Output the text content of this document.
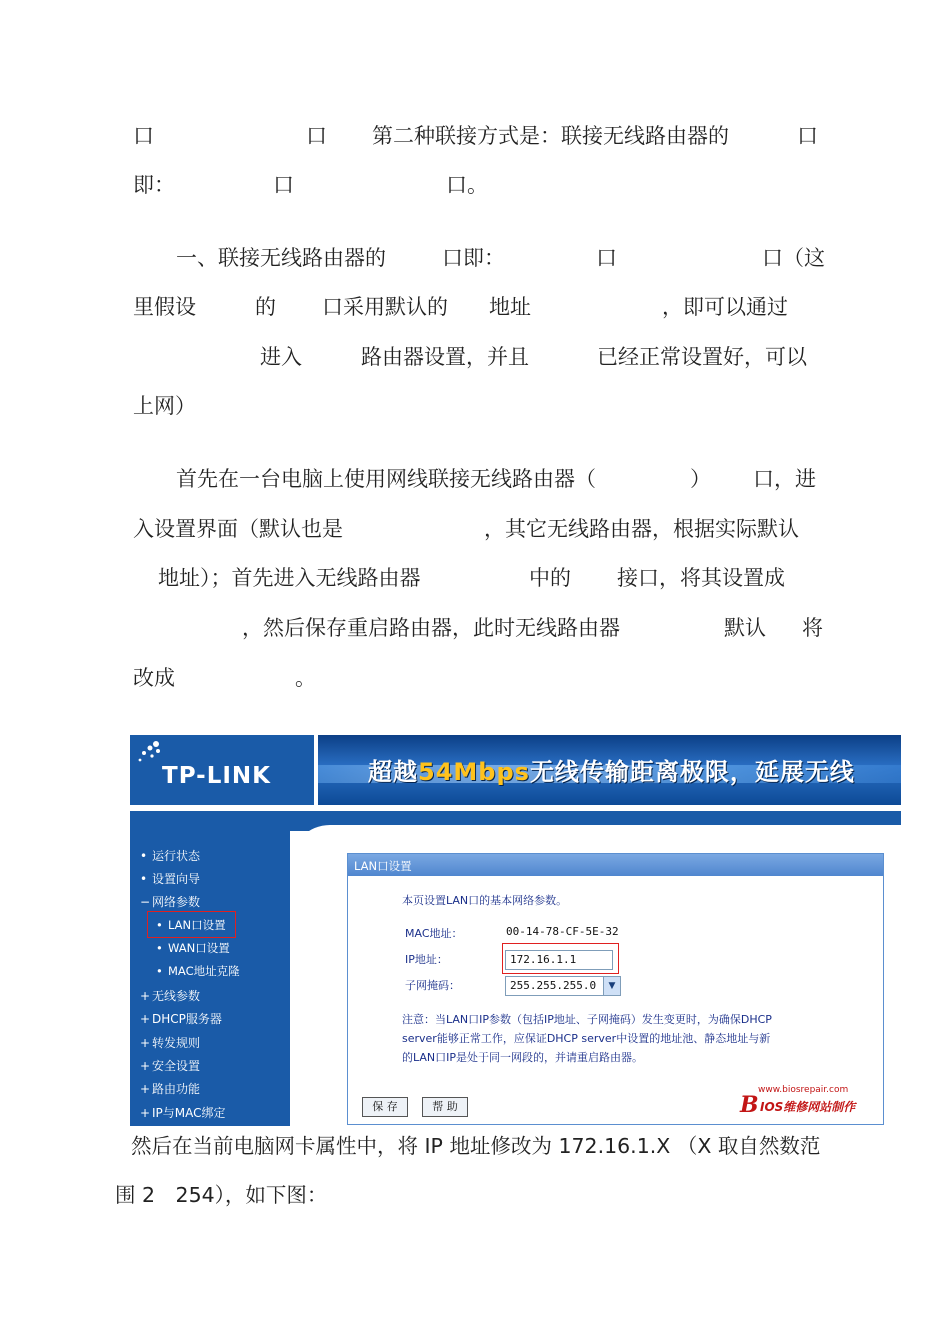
口	口 第二种联接方式是：联接无线路由器的	口
即：	口	口。
一、联接无线路由器的	口即：	口	口（这
里假设	的 口采用默认的 地址	，即可以通过
进入	路由器设置，并且	已经正常设置好，可以
上网）
首先在一台电脑上使用网线联接无线路由器（	） 口，进
入设置界面（默认也是	，其它无线路由器，根据实际默认
地址）；首先进入无线路由器	中的 接口，将其设置成
，然后保存重启路由器，此时无线路由器	默认 将
改成	。
TP-LINK	超越54Mbps无线传输距离极限，延展无线
• 运行状态
• 设置向导
− 网络参数
• LAN口设置
• WAN口设置
• MAC地址克隆
+ 无线参数
+ DHCP服务器
+ 转发规则
+ 安全设置
+ 路由功能
+ IP与MAC绑定
LAN口设置
本页设置LAN口的基本网络参数。
MAC地址：	00-14-78-CF-5E-32
IP地址：	172.16.1.1
子网掩码：	255.255.255.0	▼
注意：当LAN口IP参数（包括IP地址、子网掩码）发生变更时，为确保DHCP
server能够正常工作，应保证DHCP server中设置的地址池、静态地址与新
的LAN口IP是处于同一网段的，并请重启路由器。
保 存	帮 助
www.biosrepair.com
B IOS维修网站制作
然后在当前电脑网卡属性中，将 IP 地址修改为 172.16.1.X （X 取自然数范
围 2　254），如下图：
